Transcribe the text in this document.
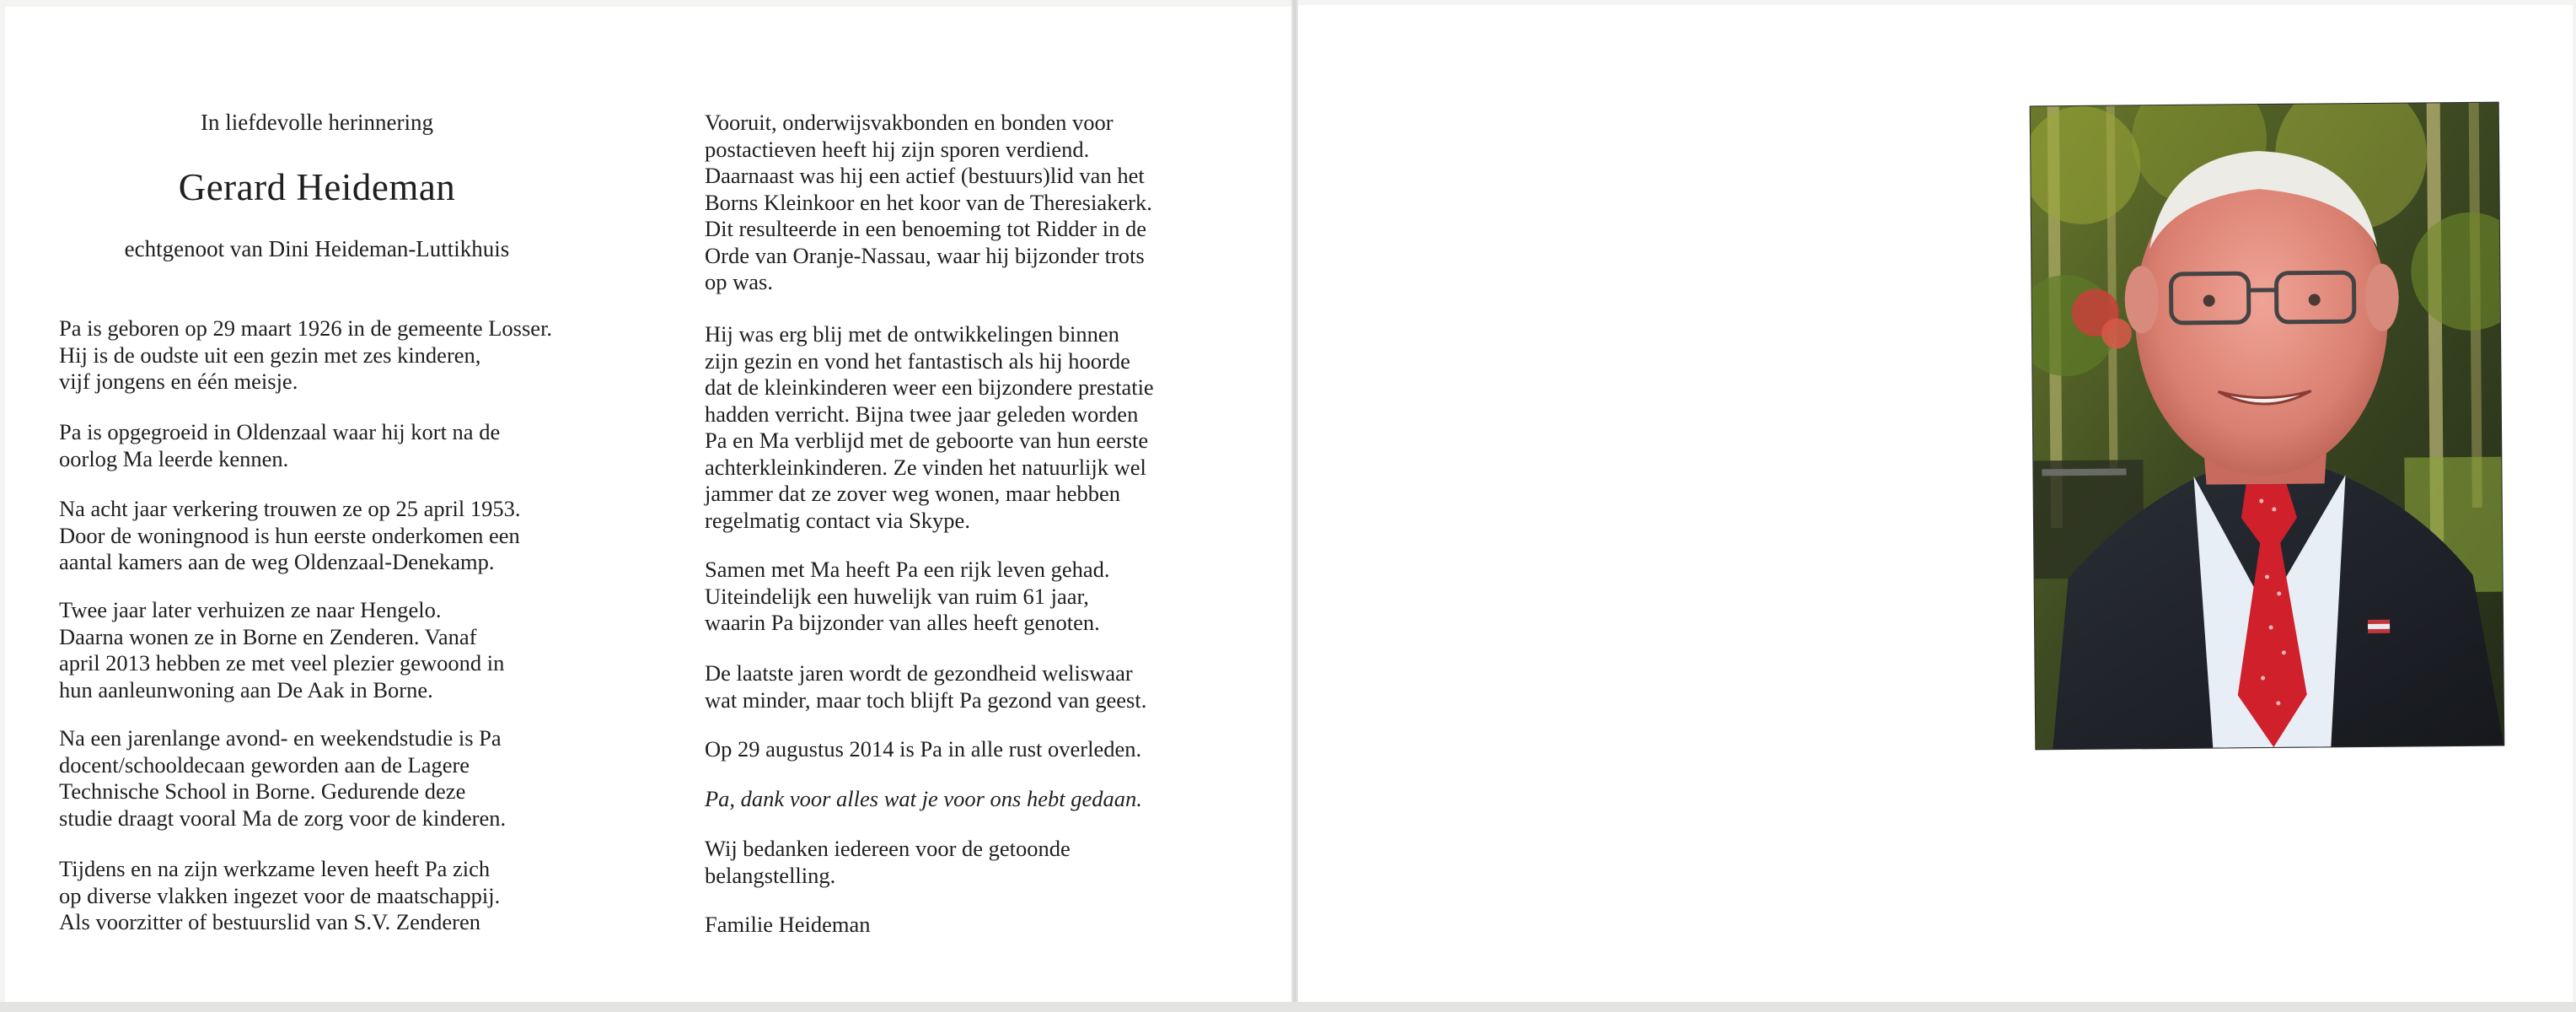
In liefdevolle herinnering
Gerard Heideman
echtgenoot van Dini Heideman-Luttikhuis
Pa is geboren op 29 maart 1926 in de gemeente Losser.
Hij is de oudste uit een gezin met zes kinderen,
vijf jongens en één meisje.
Pa is opgegroeid in Oldenzaal waar hij kort na de
oorlog Ma leerde kennen.
Na acht jaar verkering trouwen ze op 25 april 1953.
Door de woningnood is hun eerste onderkomen een
aantal kamers aan de weg Oldenzaal-Denekamp.
Twee jaar later verhuizen ze naar Hengelo.
Daarna wonen ze in Borne en Zenderen. Vanaf
april 2013 hebben ze met veel plezier gewoond in
hun aanleunwoning aan De Aak in Borne.
Na een jarenlange avond- en weekendstudie is Pa
docent/schooldecaan geworden aan de Lagere
Technische School in Borne. Gedurende deze
studie draagt vooral Ma de zorg voor de kinderen.
Tijdens en na zijn werkzame leven heeft Pa zich
op diverse vlakken ingezet voor de maatschappij.
Als voorzitter of bestuurslid van S.V. Zenderen
Vooruit, onderwijsvakbonden en bonden voor
postactieven heeft hij zijn sporen verdiend.
Daarnaast was hij een actief (bestuurs)lid van het
Borns Kleinkoor en het koor van de Theresiakerk.
Dit resulteerde in een benoeming tot Ridder in de
Orde van Oranje-Nassau, waar hij bijzonder trots
op was.
Hij was erg blij met de ontwikkelingen binnen
zijn gezin en vond het fantastisch als hij hoorde
dat de kleinkinderen weer een bijzondere prestatie
hadden verricht. Bijna twee jaar geleden worden
Pa en Ma verblijd met de geboorte van hun eerste
achterkleinkinderen. Ze vinden het natuurlijk wel
jammer dat ze zover weg wonen, maar hebben
regelmatig contact via Skype.
Samen met Ma heeft Pa een rijk leven gehad.
Uiteindelijk een huwelijk van ruim 61 jaar,
waarin Pa bijzonder van alles heeft genoten.
De laatste jaren wordt de gezondheid weliswaar
wat minder, maar toch blijft Pa gezond van geest.
Op 29 augustus 2014 is Pa in alle rust overleden.
Pa, dank voor alles wat je voor ons hebt gedaan.
Wij bedanken iedereen voor de getoonde
belangstelling.
Familie Heideman
